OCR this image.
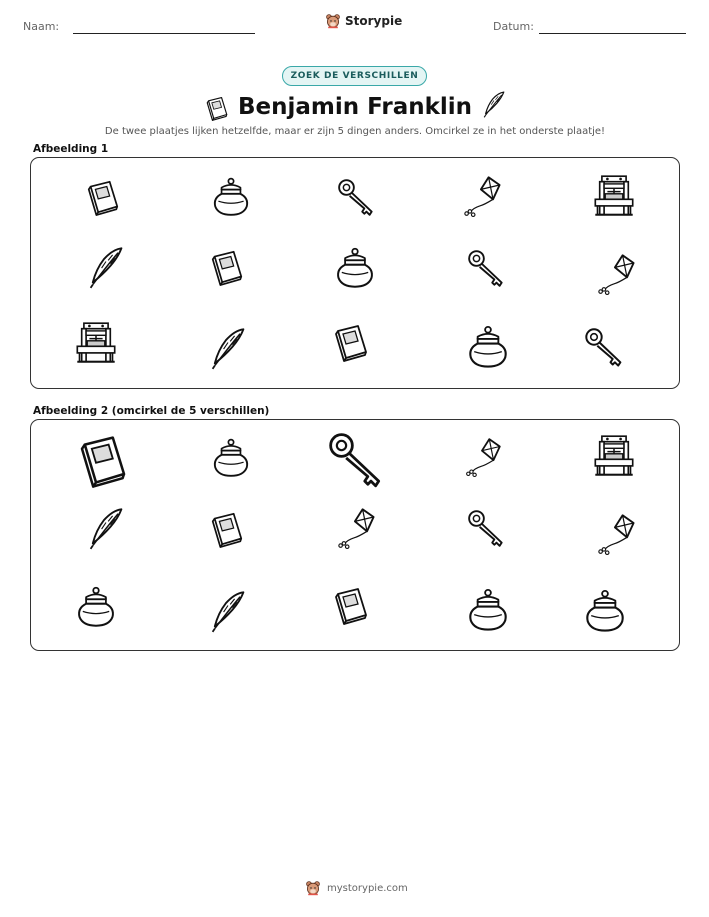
Naam:	Storypie	Datum:
ZOEK DE VERSCHILLEN
Benjamin Franklin
De twee plaatjes lijken hetzelfde, maar er zijn 5 dingen anders. Omcirkel ze in het onderste plaatje!
Afbeelding 1
Afbeelding 2 (omcirkel de 5 verschillen)
mystorypie.com
